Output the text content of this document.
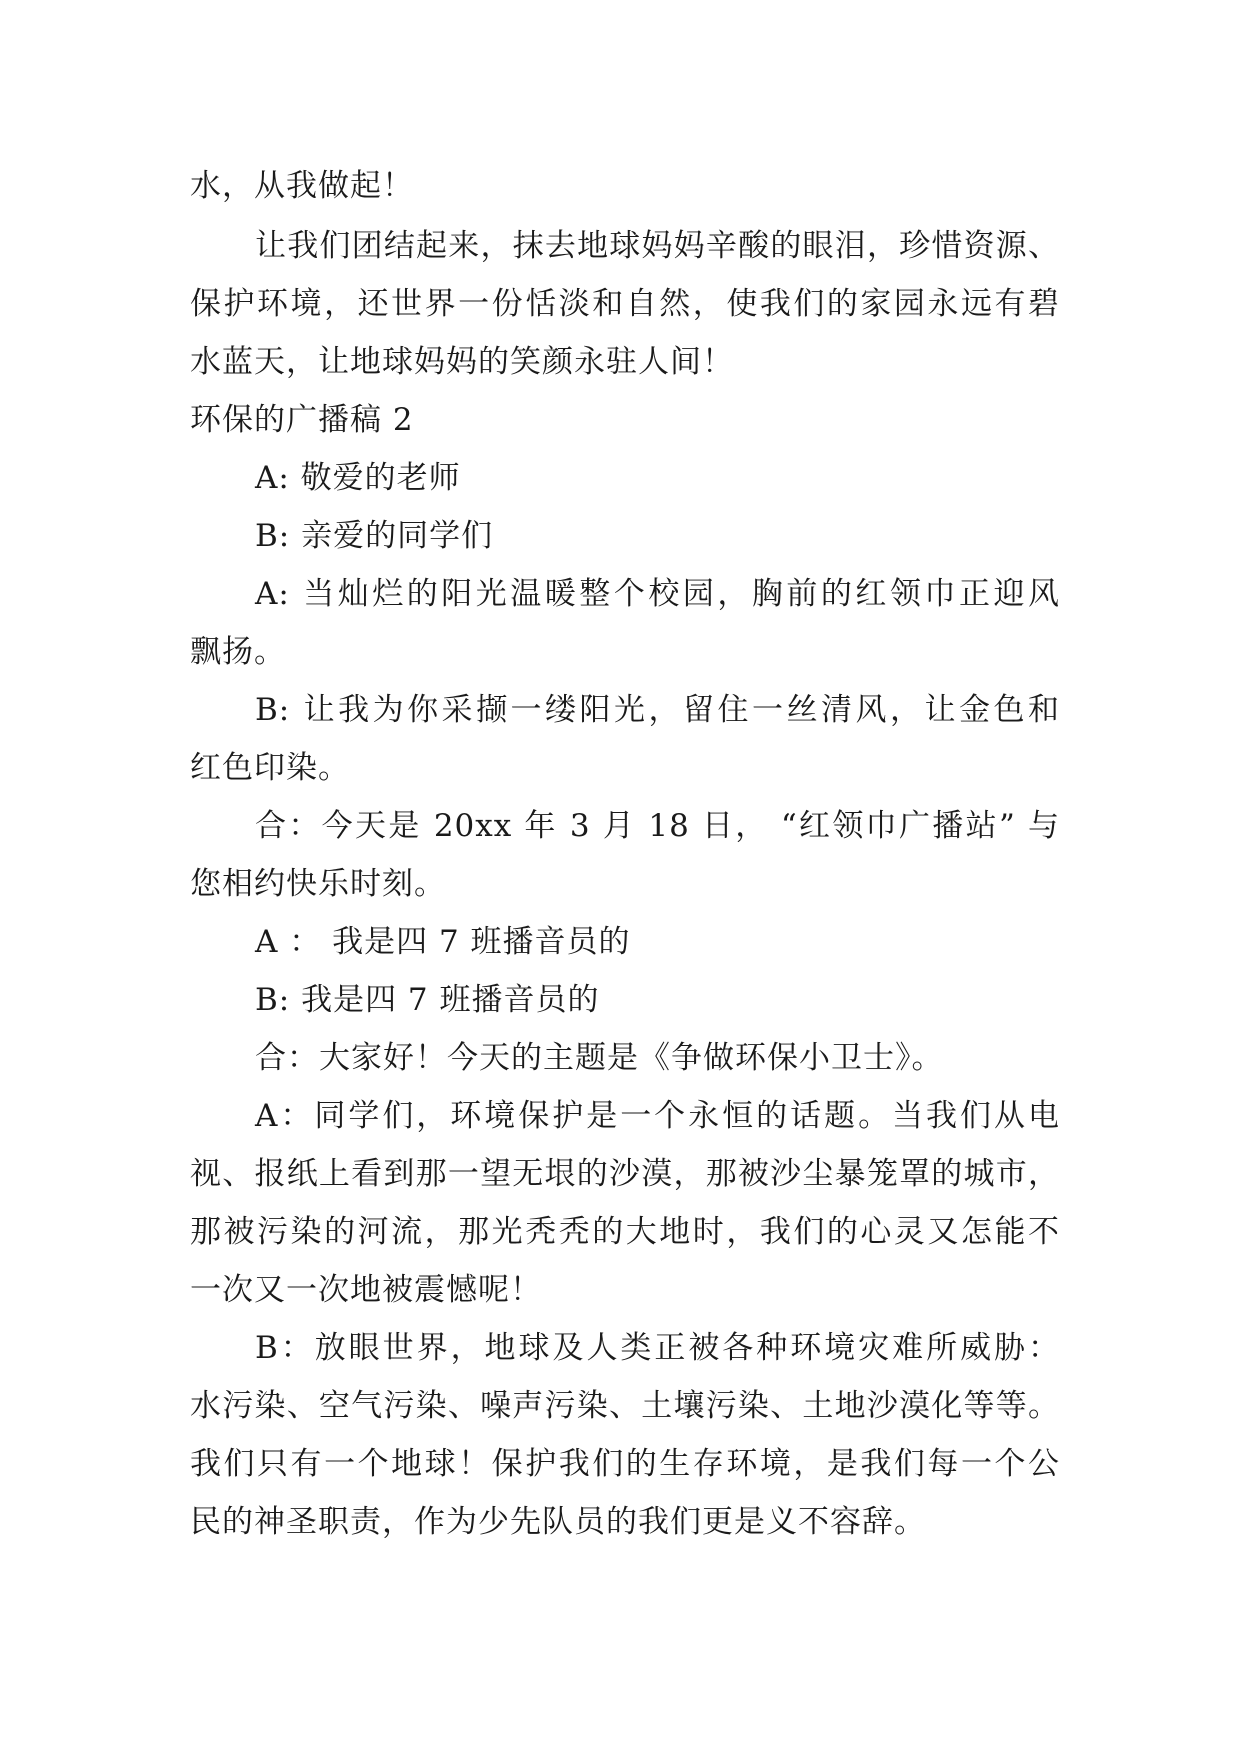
水，从我做起！
让我们团结起来，抹去地球妈妈辛酸的眼泪，珍惜资源、
保护环境，还世界一份恬淡和自然，使我们的家园永远有碧
水蓝天，让地球妈妈的笑颜永驻人间！
环保的广播稿 2
A: 敬爱的老师
B: 亲爱的同学们
A: 当灿烂的阳光温暖整个校园，胸前的红领巾正迎风
飘扬。
B: 让我为你采撷一缕阳光，留住一丝清风，让金色和
红色印染。
合：今天是 20xx 年 3 月 18 日， “红领巾广播站” 与
您相约快乐时刻。
A ： 我是四 7 班播音员的
B: 我是四 7 班播音员的
合：大家好！今天的主题是《争做环保小卫士》。
A：同学们，环境保护是一个永恒的话题。当我们从电
视、报纸上看到那一望无垠的沙漠，那被沙尘暴笼罩的城市，
那被污染的河流，那光秃秃的大地时，我们的心灵又怎能不
一次又一次地被震憾呢！
B：放眼世界，地球及人类正被各种环境灾难所威胁：
水污染、空气污染、噪声污染、土壤污染、土地沙漠化等等。
我们只有一个地球！保护我们的生存环境，是我们每一个公
民的神圣职责，作为少先队员的我们更是义不容辞。
